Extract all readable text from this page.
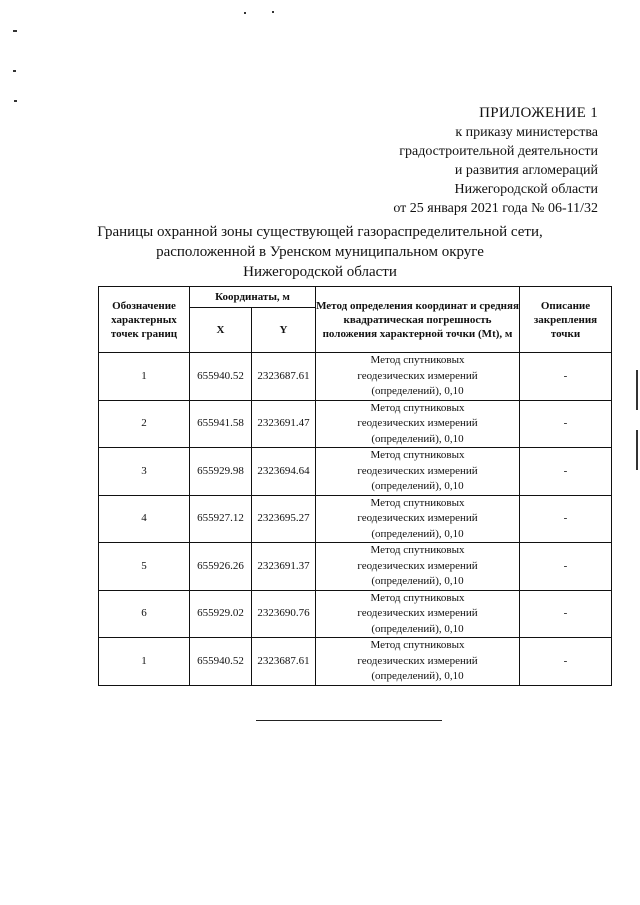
ПРИЛОЖЕНИЕ 1
к приказу министерства
градостроительной деятельности
и развития агломераций
Нижегородской области
от 25 января 2021 года № 06-11/32
Границы охранной зоны существующей газораспределительной сети,
расположенной в Уренском муниципальном округе
Нижегородской области
Обозначение характерных точек границ	Координаты, м		Метод определения координат и средняя квадратическая погрешность положения характерной точки (Mt), м	Описание закрепления точки
	X	Y		
1	655940.52	2323687.61	Метод спутниковых
геодезических измерений
(определений), 0,10	-
2	655941.58	2323691.47	Метод спутниковых
геодезических измерений
(определений), 0,10	-
3	655929.98	2323694.64	Метод спутниковых
геодезических измерений
(определений), 0,10	-
4	655927.12	2323695.27	Метод спутниковых
геодезических измерений
(определений), 0,10	-
5	655926.26	2323691.37	Метод спутниковых
геодезических измерений
(определений), 0,10	-
6	655929.02	2323690.76	Метод спутниковых
геодезических измерений
(определений), 0,10	-
1	655940.52	2323687.61	Метод спутниковых
геодезических измерений
(определений), 0,10	-
